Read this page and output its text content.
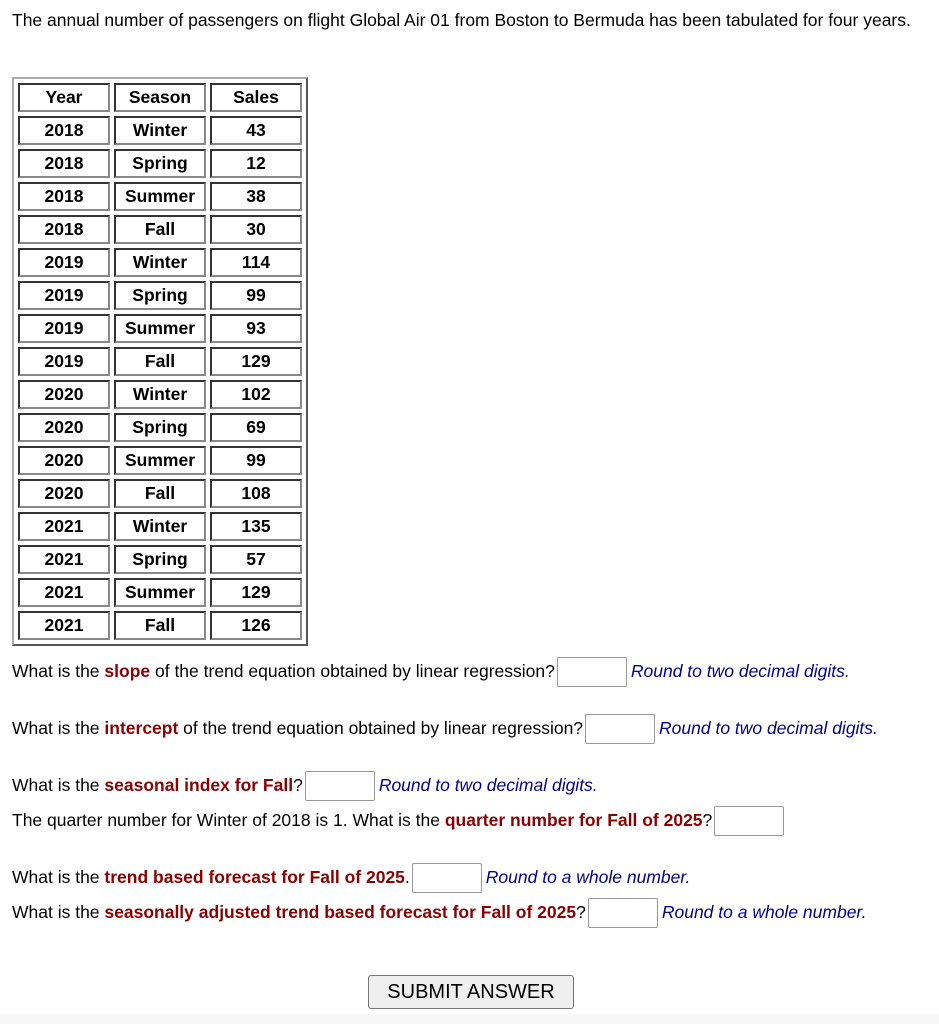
The annual number of passengers on flight Global Air 01 from Boston to Bermuda has been tabulated for four years.
Year	Season	Sales
2018	Winter	43
2018	Spring	12
2018	Summer	38
2018	Fall	30
2019	Winter	114
2019	Spring	99
2019	Summer	93
2019	Fall	129
2020	Winter	102
2020	Spring	69
2020	Summer	99
2020	Fall	108
2021	Winter	135
2021	Spring	57
2021	Summer	129
2021	Fall	126
What is the slope of the trend equation obtained by linear regression?	Round to two decimal digits.
What is the intercept of the trend equation obtained by linear regression?	Round to two decimal digits.
What is the seasonal index for Fall?	Round to two decimal digits.
The quarter number for Winter of 2018 is 1. What is the quarter number for Fall of 2025?
What is the trend based forecast for Fall of 2025.	Round to a whole number.
What is the seasonally adjusted trend based forecast for Fall of 2025?	Round to a whole number.
SUBMIT ANSWER
